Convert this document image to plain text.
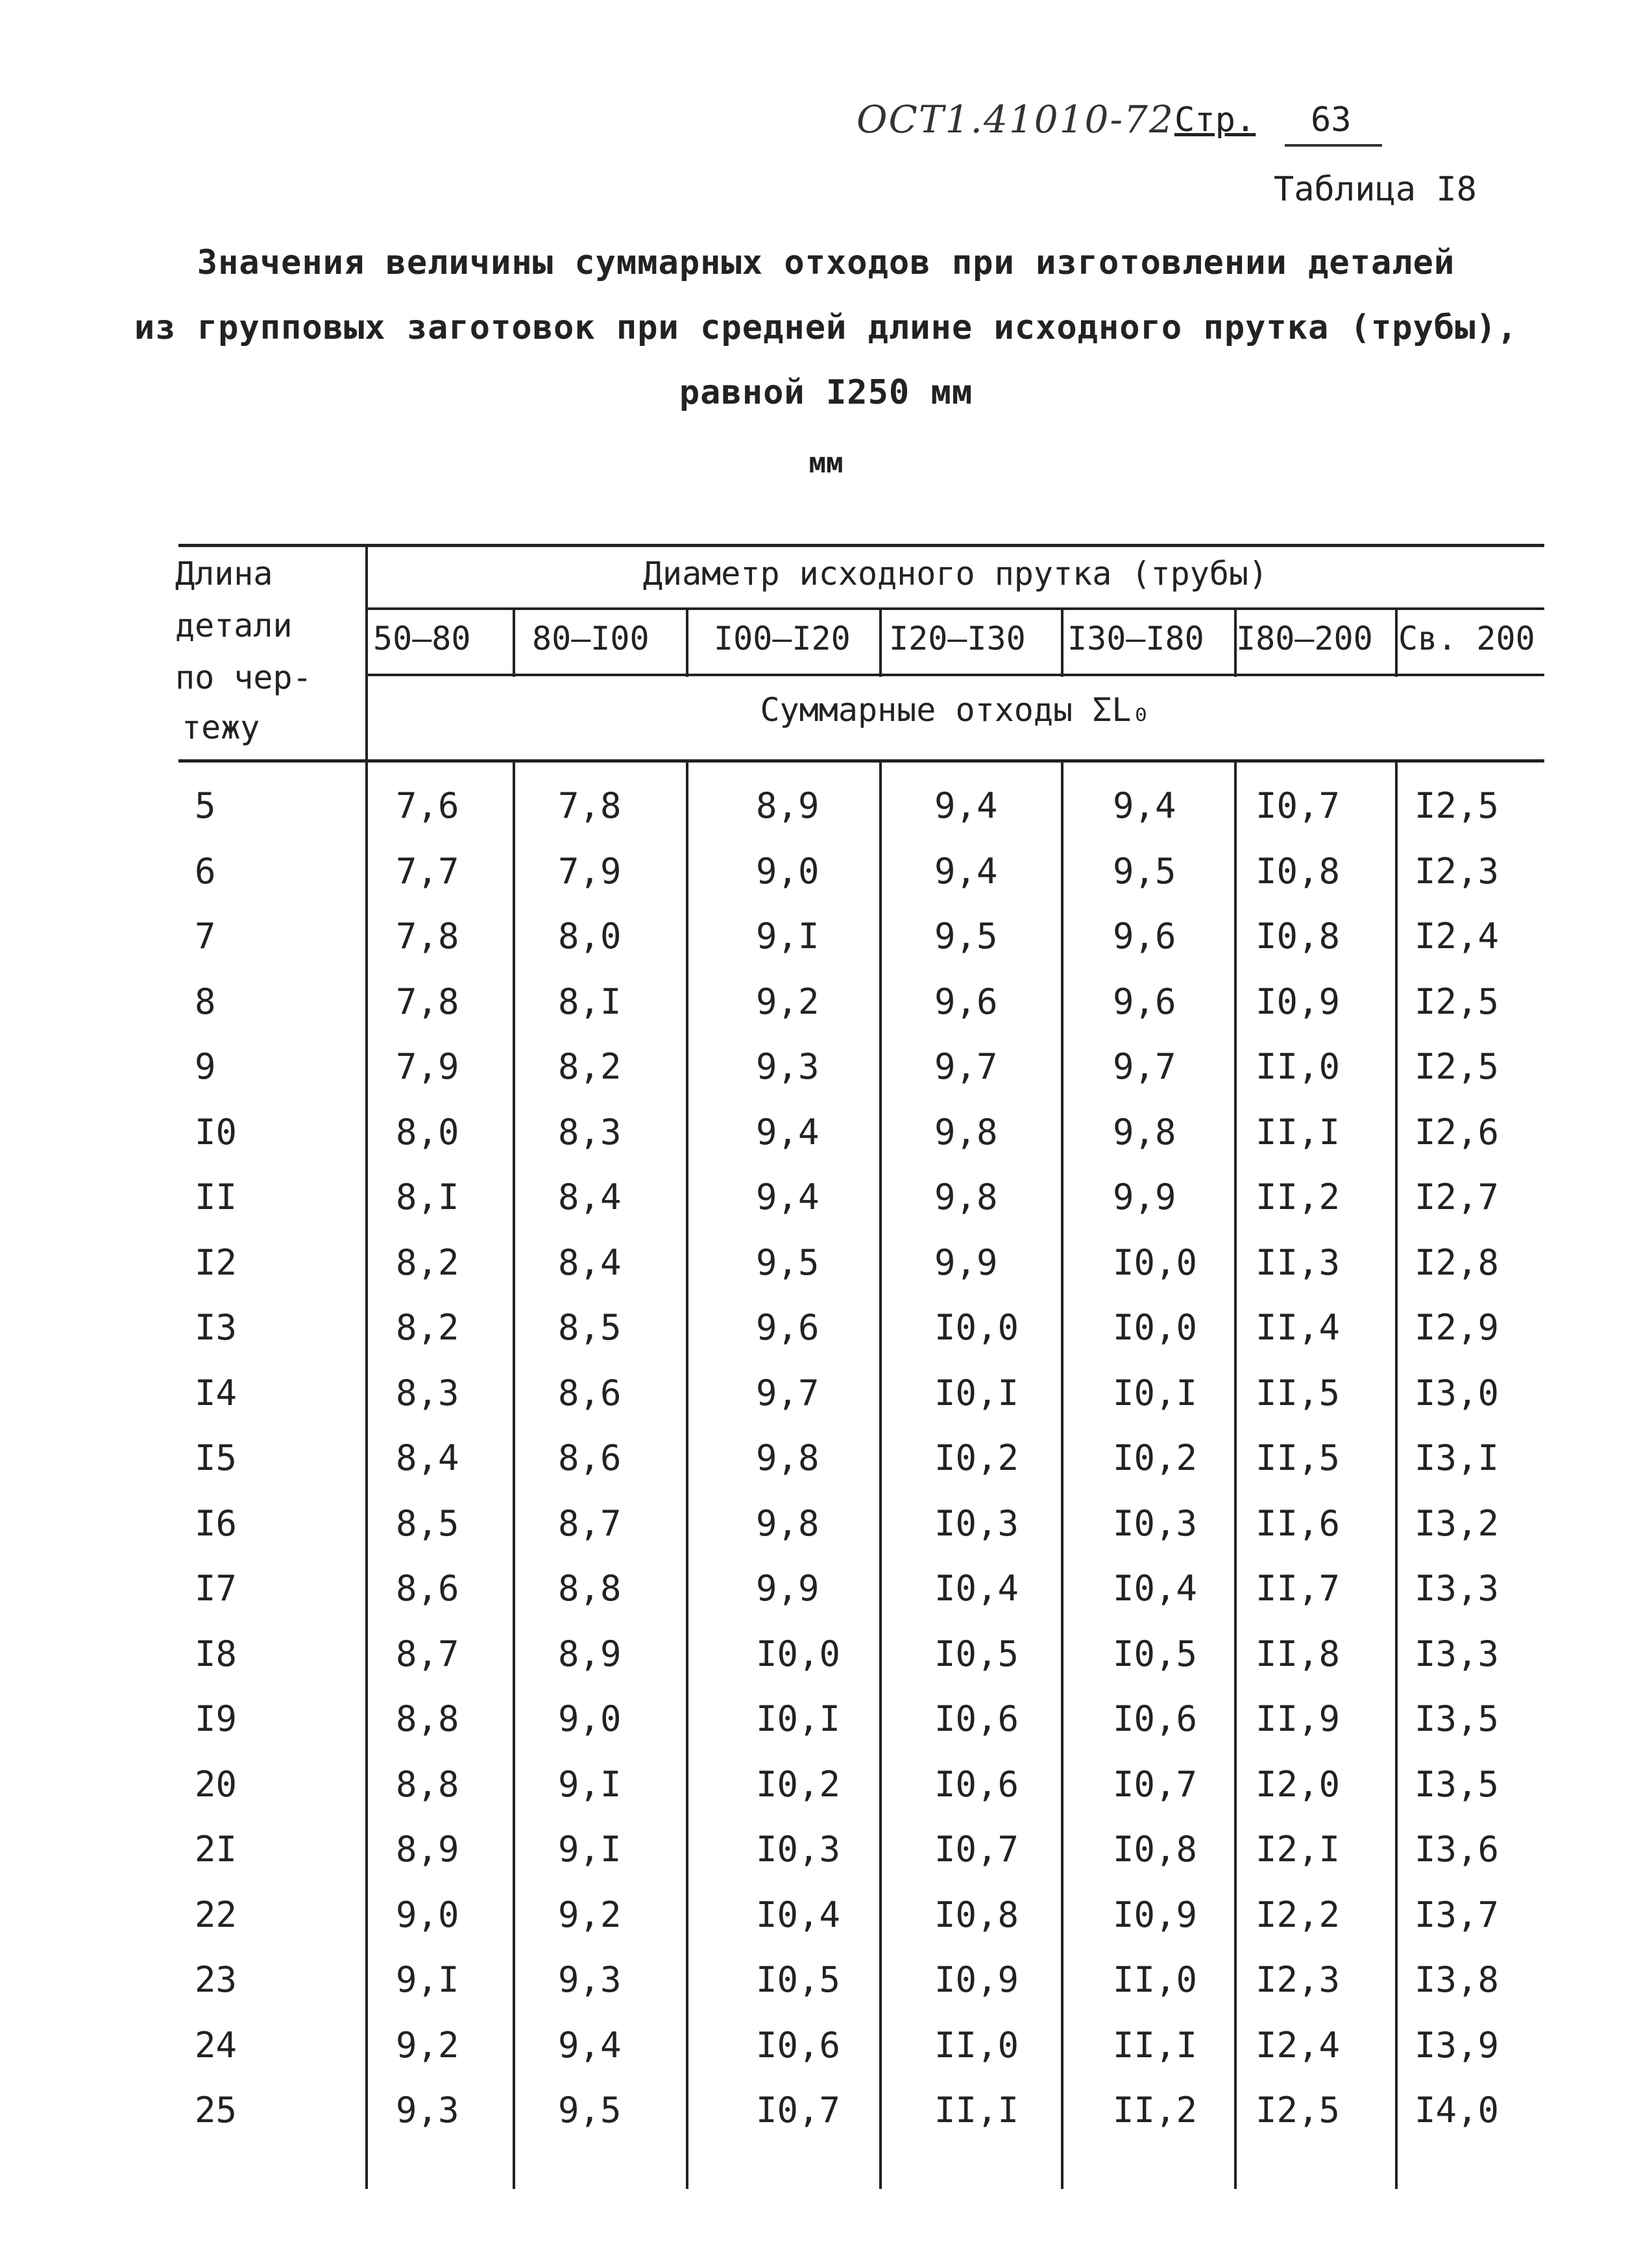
ОСТ1.41010-72 Стр. 63
Таблица I8
Значения величины суммарных отходов при изготовлении деталей
из групповых заготовок при средней длине исходного прутка (трубы),
равной I250 мм
мм
Длина
детали
по чер-
тежу
Диаметр исходного прутка (трубы)
50–80 80–I00 I00–I20 I20–I30 I30–I80 I80–200 Св. 200
Суммарные отходы ΣL₀
5	7,6	7,8	8,9	9,4	9,4 I0,7 I2,5
6	7,7	7,9	9,0	9,4	9,5 I0,8 I2,3
7	7,8	8,0	9,I	9,5	9,6 I0,8 I2,4
8	7,8	8,I	9,2	9,6	9,6 I0,9 I2,5
9	7,9	8,2	9,3	9,7	9,7 II,0 I2,5
I0	8,0	8,3	9,4	9,8	9,8 II,I I2,6
II	8,I	8,4	9,4	9,8	9,9 II,2 I2,7
I2	8,2	8,4	9,5	9,9	I0,0 II,3 I2,8
I3	8,2	8,5	9,6	I0,0	I0,0 II,4 I2,9
I4	8,3	8,6	9,7	I0,I	I0,I II,5 I3,0
I5	8,4	8,6	9,8	I0,2	I0,2 II,5 I3,I
I6	8,5	8,7	9,8	I0,3	I0,3 II,6 I3,2
I7	8,6	8,8	9,9	I0,4	I0,4 II,7 I3,3
I8	8,7	8,9	I0,0	I0,5	I0,5 II,8 I3,3
I9	8,8	9,0	I0,I	I0,6	I0,6 II,9 I3,5
20	8,8	9,I	I0,2	I0,6	I0,7 I2,0 I3,5
2I	8,9	9,I	I0,3	I0,7	I0,8 I2,I I3,6
22	9,0	9,2	I0,4	I0,8	I0,9 I2,2 I3,7
23	9,I	9,3	I0,5	I0,9	II,0 I2,3 I3,8
24	9,2	9,4	I0,6	II,0	II,I I2,4 I3,9
25	9,3	9,5	I0,7	II,I	II,2 I2,5 I4,0
